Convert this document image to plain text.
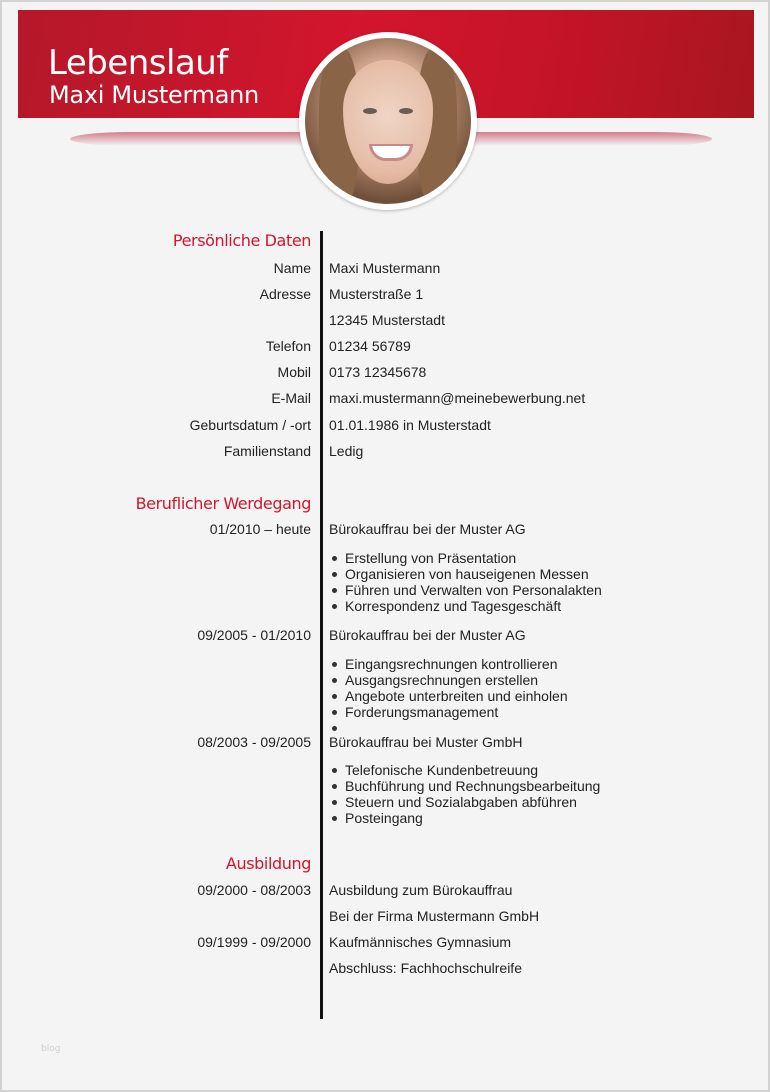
Lebenslauf
Maxi Mustermann
Persönliche Daten
Name Maxi Mustermann
Adresse Musterstraße 1
12345 Musterstadt
Telefon 01234 56789
Mobil 0173 12345678
E-Mail maxi.mustermann@meinebewerbung.net
Geburtsdatum / -ort 01.01.1986 in Musterstadt
Familienstand Ledig
Beruflicher Werdegang
01/2010 – heute Bürokauffrau bei der Muster AG
Erstellung von Präsentation
Organisieren von hauseigenen Messen
Führen und Verwalten von Personalakten
Korrespondenz und Tagesgeschäft
09/2005 - 01/2010 Bürokauffrau bei der Muster AG
Eingangsrechnungen kontrollieren
Ausgangsrechnungen erstellen
Angebote unterbreiten und einholen
Forderungsmanagement
08/2003 - 09/2005 Bürokauffrau bei Muster GmbH
Telefonische Kundenbetreuung
Buchführung und Rechnungsbearbeitung
Steuern und Sozialabgaben abführen
Posteingang
Ausbildung
09/2000 - 08/2003 Ausbildung zum Bürokauffrau
Bei der Firma Mustermann GmbH
09/1999 - 09/2000 Kaufmännisches Gymnasium
Abschluss: Fachhochschulreife
blog
